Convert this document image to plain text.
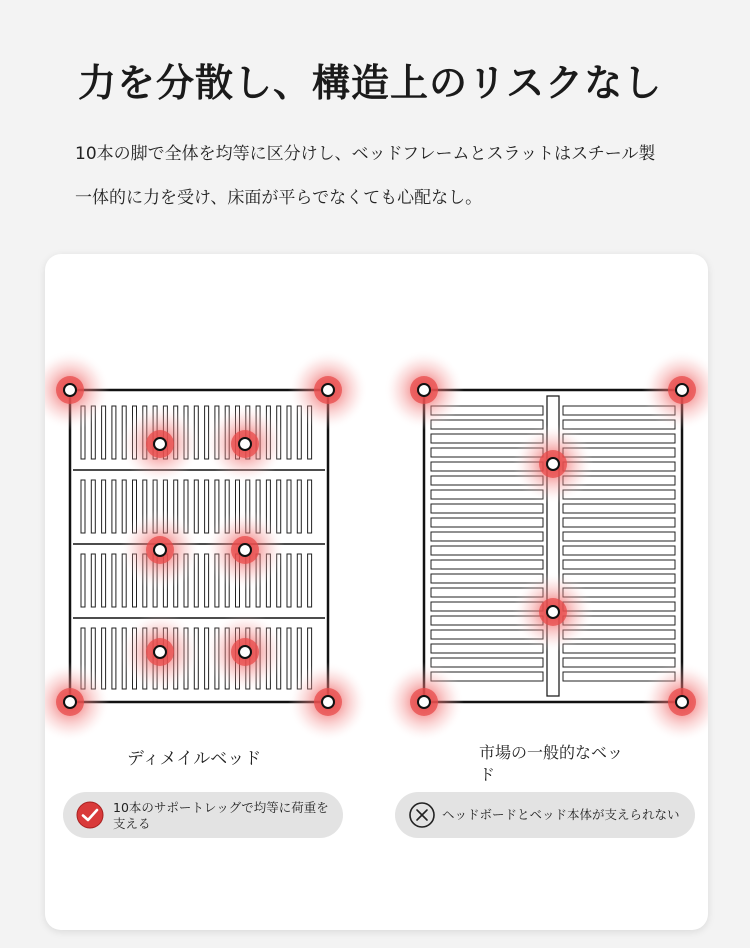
力を分散し、構造上のリスクなし
10本の脚で全体を均等に区分けし、ベッドフレームとスラットはスチール製
一体的に力を受け、床面が平らでなくても心配なし。
ディメイルベッド	市場の一般的なベッド
10本のサポートレッグで均等に荷重を支える
ヘッドボードとベッド本体が支えられない
